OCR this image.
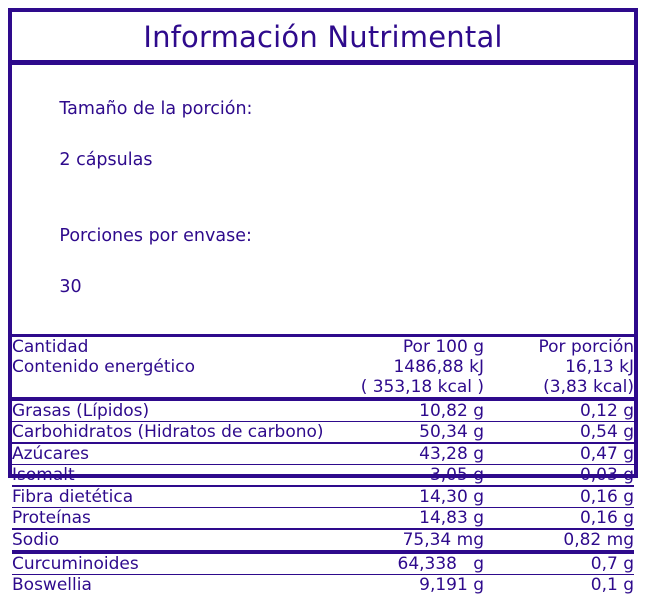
Información Nutrimental

Tamaño de la porción:

2 cápsulas

Porciones por envase:

30

Cantidad	Por 100 g	Por porción
Contenido energético	1486,88 kJ	16,13 kJ
	( 353,18 kcal )	(3,83 kcal)

Grasas (Lípidos)	10,82 g	0,12 g

Carbohidratos (Hidratos de carbono)	50,34 g	0,54 g

Azúcares	43,28 g	0,47 g

Isomalt	3,05 g	0,03 g

Fibra dietética	14,30 g	0,16 g

Proteínas	14,83 g	0,16 g

Sodio	75,34 mg	0,82 mg

Curcuminoides	64,338   g	0,7 g

Boswellia	9,191 g	0,1 g
